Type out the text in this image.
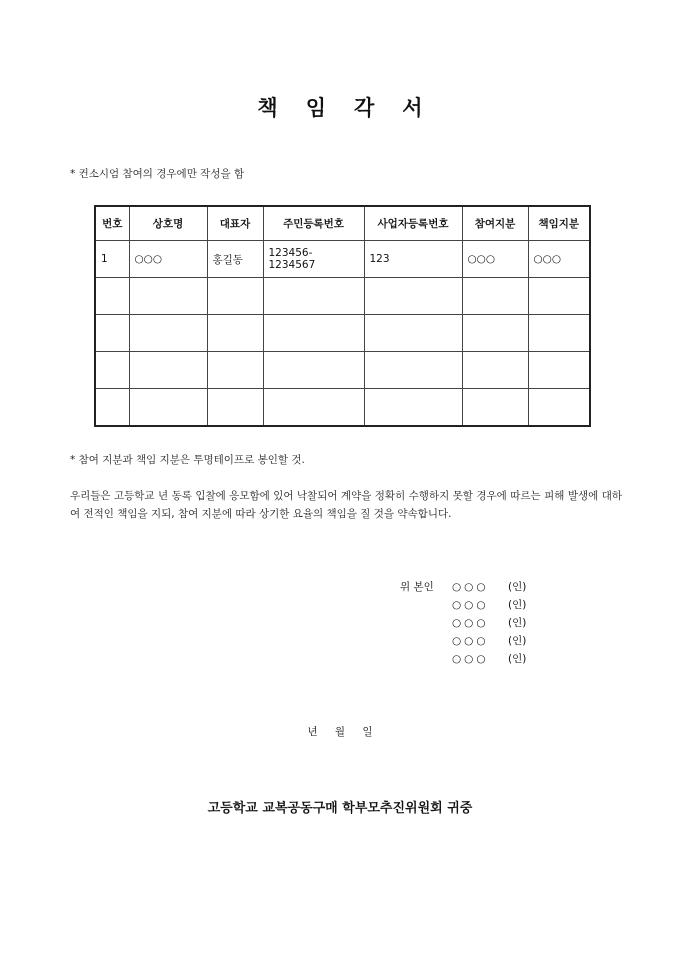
책 임 각 서
* 컨소시엄 참여의 경우에만 작성을 함
번호	상호명	대표자	주민등록번호	사업자등록번호	참여지분	책임지분
1	○○○	홍길동	123456-1234567	123	○○○	○○○

* 참여 지분과 책임 지분은 투명테이프로 봉인할 것.
우리들은 고등학교 년 동록 입찰에 응모함에 있어 낙찰되어 계약을 정확히 수행하지 못할 경우에 따르는 피해 발생에 대하여 전적인 책임을 지되, 참여 지분에 따라 상기한 요율의 책임을 질 것을 약속합니다.
위 본인 ○○○ (인)
○○○ (인)
○○○ (인)
○○○ (인)
○○○ (인)
년 월 일
고등학교 교복공동구매 학부모추진위원회 귀중
